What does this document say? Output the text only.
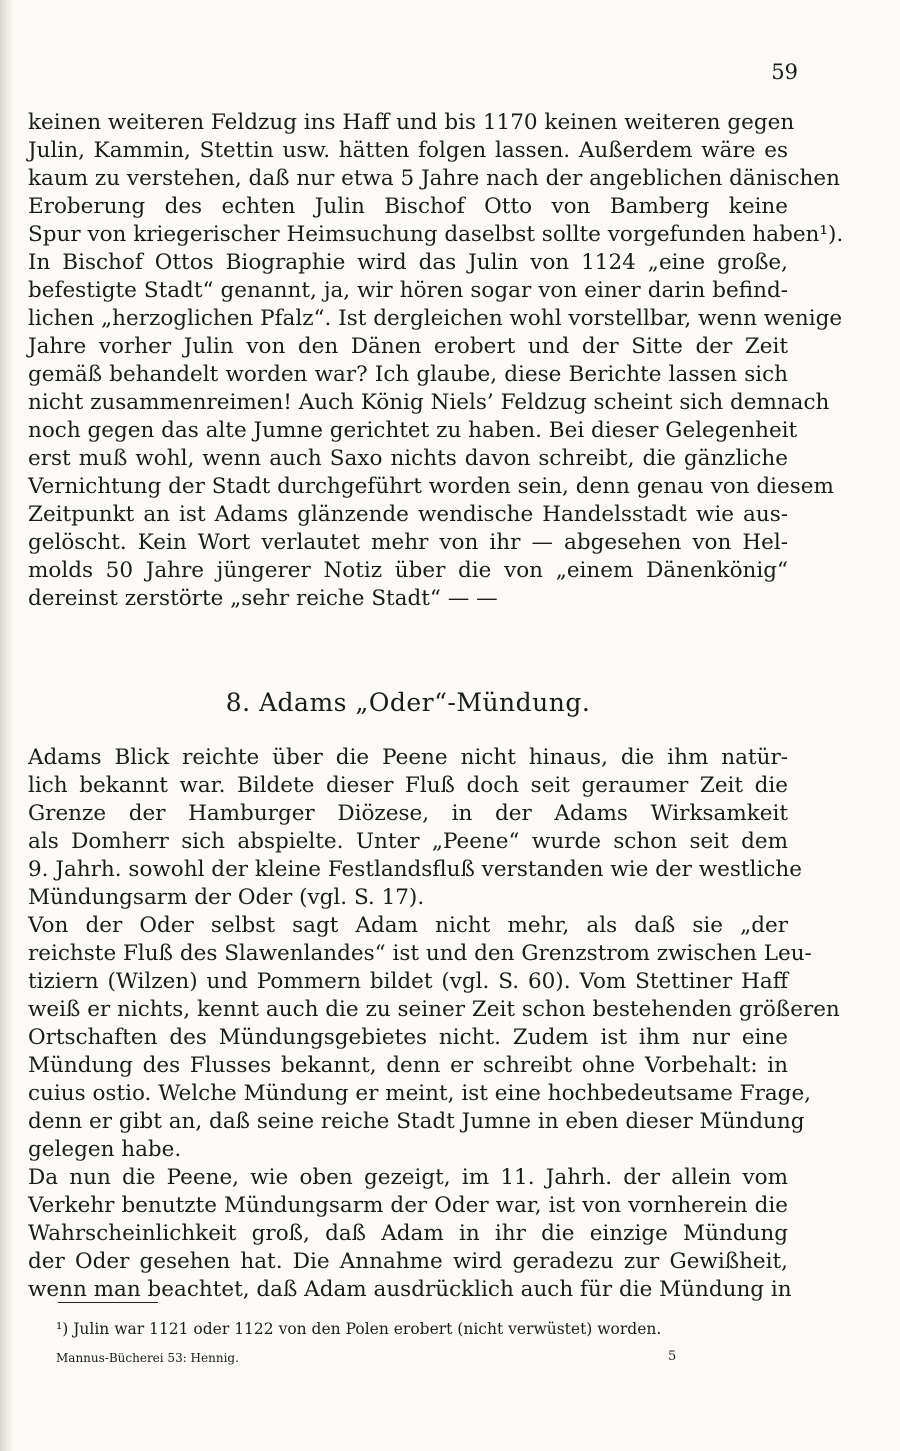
59
keinen weiteren Feldzug ins Haff und bis 1170 keinen weiteren gegen
Julin, Kammin, Stettin usw. hätten folgen lassen. Außerdem wäre es
kaum zu verstehen, daß nur etwa 5 Jahre nach der angeblichen dänischen
Eroberung des echten Julin Bischof Otto von Bamberg keine
Spur von kriegerischer Heimsuchung daselbst sollte vorgefunden haben¹).
In Bischof Ottos Biographie wird das Julin von 1124 „eine große,
befestigte Stadt“ genannt, ja, wir hören sogar von einer darin befind-
lichen „herzoglichen Pfalz“. Ist dergleichen wohl vorstellbar, wenn wenige
Jahre vorher Julin von den Dänen erobert und der Sitte der Zeit
gemäß behandelt worden war? Ich glaube, diese Berichte lassen sich
nicht zusammenreimen! Auch König Niels’ Feldzug scheint sich demnach
noch gegen das alte Jumne gerichtet zu haben. Bei dieser Gelegenheit
erst muß wohl, wenn auch Saxo nichts davon schreibt, die gänzliche
Vernichtung der Stadt durchgeführt worden sein, denn genau von diesem
Zeitpunkt an ist Adams glänzende wendische Handelsstadt wie aus-
gelöscht. Kein Wort verlautet mehr von ihr — abgesehen von Hel-
molds 50 Jahre jüngerer Notiz über die von „einem Dänenkönig“
dereinst zerstörte „sehr reiche Stadt“ — —
8. Adams „Oder“-Mündung.
Adams Blick reichte über die Peene nicht hinaus, die ihm natür-
lich bekannt war. Bildete dieser Fluß doch seit geraumer Zeit die
Grenze der Hamburger Diözese, in der Adams Wirksamkeit
als Domherr sich abspielte. Unter „Peene“ wurde schon seit dem
9. Jahrh. sowohl der kleine Festlandsfluß verstanden wie der westliche
Mündungsarm der Oder (vgl. S. 17).
Von der Oder selbst sagt Adam nicht mehr, als daß sie „der
reichste Fluß des Slawenlandes“ ist und den Grenzstrom zwischen Leu-
tiziern (Wilzen) und Pommern bildet (vgl. S. 60). Vom Stettiner Haff
weiß er nichts, kennt auch die zu seiner Zeit schon bestehenden größeren
Ortschaften des Mündungsgebietes nicht. Zudem ist ihm nur eine
Mündung des Flusses bekannt, denn er schreibt ohne Vorbehalt: in
cuius ostio. Welche Mündung er meint, ist eine hochbedeutsame Frage,
denn er gibt an, daß seine reiche Stadt Jumne in eben dieser Mündung
gelegen habe.
Da nun die Peene, wie oben gezeigt, im 11. Jahrh. der allein vom
Verkehr benutzte Mündungsarm der Oder war, ist von vornherein die
Wahrscheinlichkeit groß, daß Adam in ihr die einzige Mündung
der Oder gesehen hat. Die Annahme wird geradezu zur Gewißheit,
wenn man beachtet, daß Adam ausdrücklich auch für die Mündung in
¹) Julin war 1121 oder 1122 von den Polen erobert (nicht verwüstet) worden.
Mannus-Bücherei 53: Hennig.	5
